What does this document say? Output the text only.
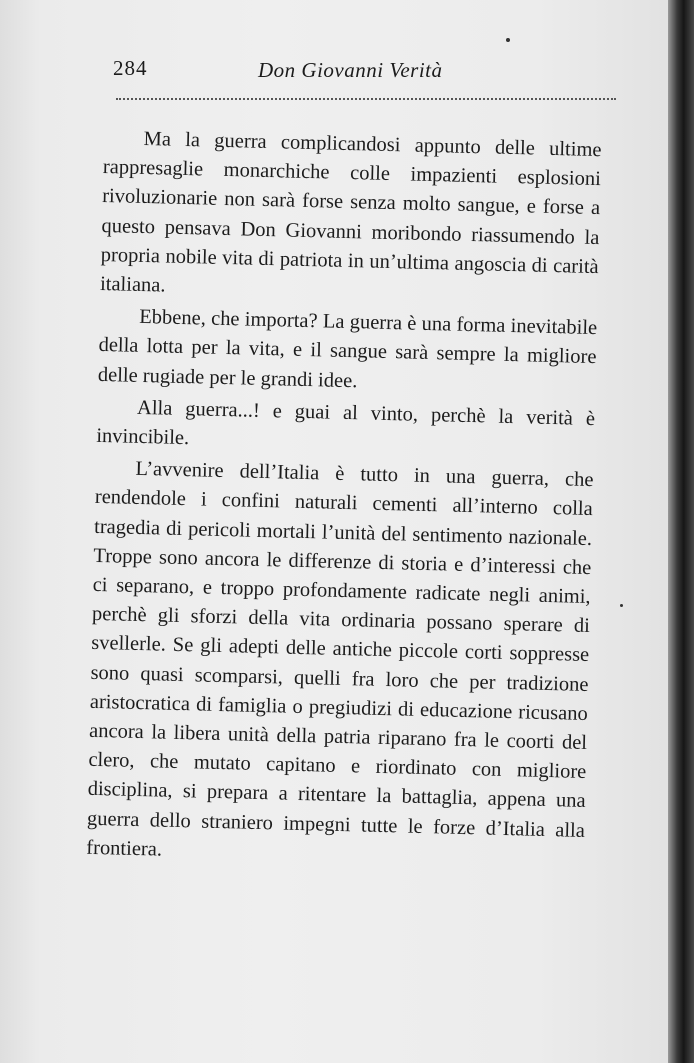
284	Don Giovanni Verità

Ma la guerra complicandosi appunto delle ultime rappresaglie monarchiche colle impazienti esplosioni rivoluzionarie non sarà forse senza molto sangue, e forse a questo pensava Don Giovanni moribondo riassumendo la propria nobile vita di patriota in un’ultima angoscia di carità italiana.

Ebbene, che importa? La guerra è una forma inevitabile della lotta per la vita, e il sangue sarà sempre la migliore delle rugiade per le grandi idee.

Alla guerra...! e guai al vinto, perchè la verità è invincibile.

L’avvenire dell’Italia è tutto in una guerra, che rendendole i confini naturali cementi all’interno colla tragedia di pericoli mortali l’unità del sentimento nazionale. Troppe sono ancora le differenze di storia e d’interessi che ci separano, e troppo profondamente radicate negli animi, perchè gli sforzi della vita ordinaria possano sperare di svellerle. Se gli adepti delle antiche piccole corti soppresse sono quasi scomparsi, quelli fra loro che per tradizione aristocratica di famiglia o pregiudizi di educazione ricusano ancora la libera unità della patria riparano fra le coorti del clero, che mutato capitano e riordinato con migliore disciplina, si prepara a ritentare la battaglia, appena una guerra dello straniero impegni tutte le forze d’Italia alla frontiera.
